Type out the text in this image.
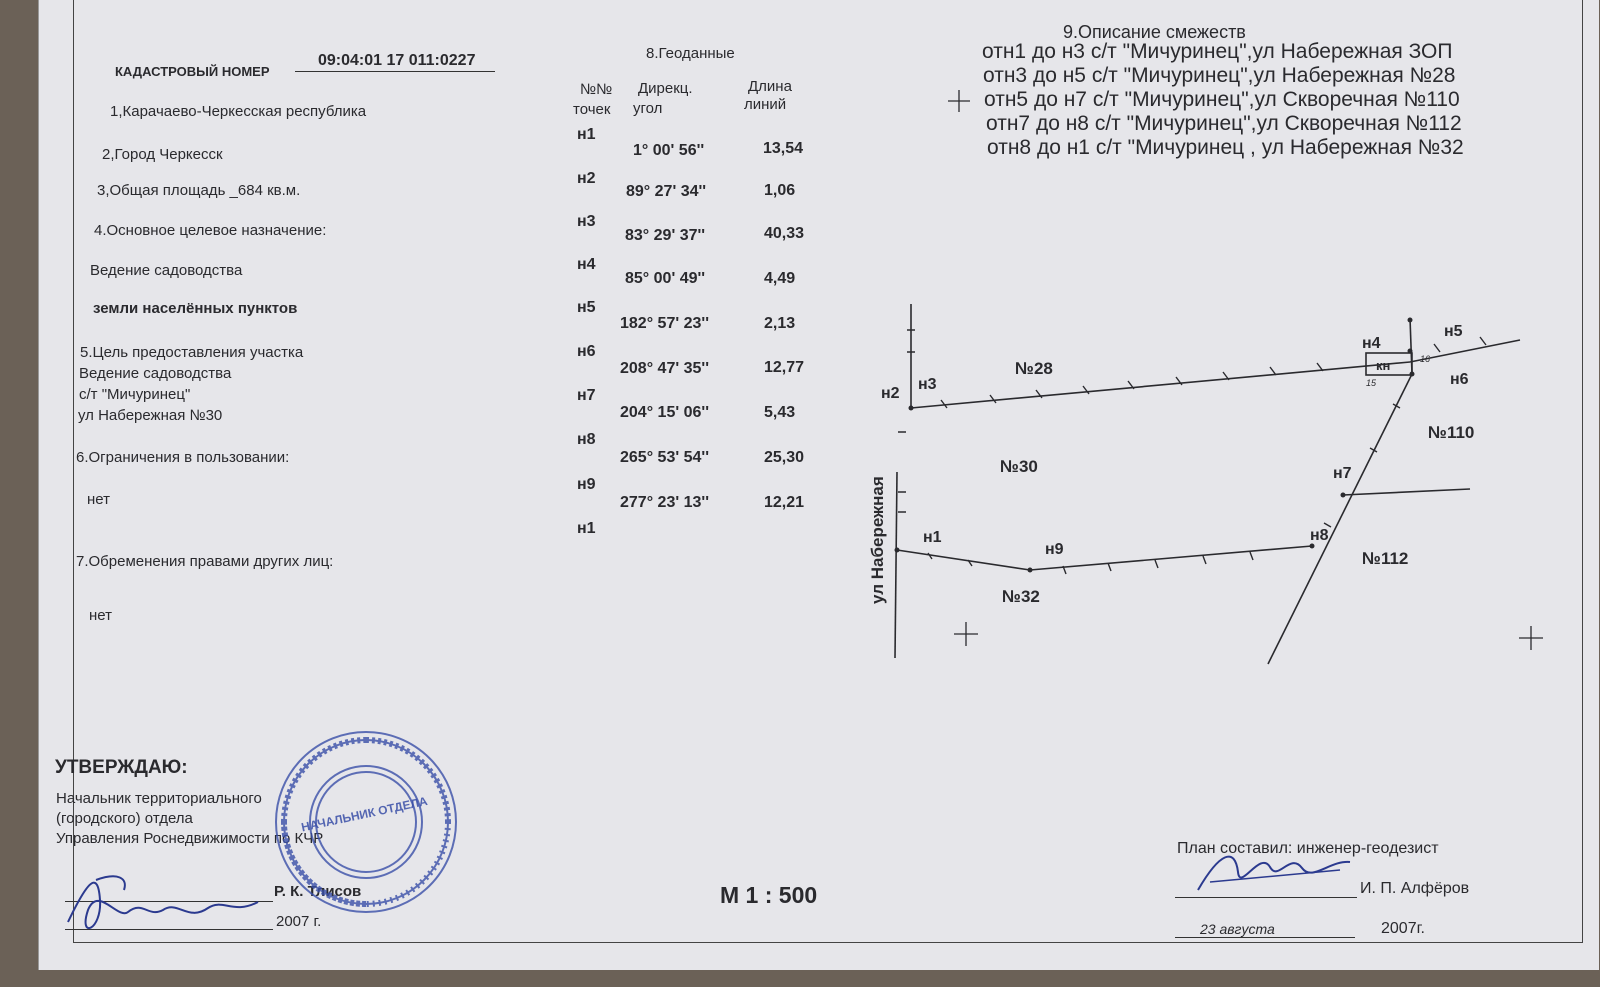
КАДАСТРОВЫЙ НОМЕР
09:04:01 17 011:0227
1,Карачаево-Черкесская республика
2,Город Черкесск
3,Общая площадь _684 кв.м.
4.Основное целевое назначение:
Ведение садоводства
земли населённых пунктов
5.Цель предоставления участка
Ведение садоводства
с/т "Мичуринец"
ул Набережная №30
6.Ограничения в пользовании:
нет
7.Обременения правами других лиц:
нет
8.Геоданные
№№
точек
Дирекц.
угол
Длина
линий
н1
н2
н3
н4
н5
н6
н7
н8
н9
н1
1° 00' 56''
89° 27' 34''
83° 29' 37''
85° 00' 49''
182° 57' 23''
208° 47' 35''
204° 15' 06''
265° 53' 54''
277° 23' 13''
13,54
1,06
40,33
4,49
2,13
12,77
5,43
25,30
12,21
9.Описание смежеств
отн1 до н3 с/т "Мичуринец",ул Набережная ЗОП
отн3 до н5 с/т "Мичуринец",ул Набережная №28
отн5 до н7 с/т "Мичуринец",ул Скворечная №110
отн7 до н8 с/т "Мичуринец",ул Скворечная №112
отн8 до н1 с/т "Мичуринец , ул Набережная №32
№28
№30
№110
№112
№32
н2
н3
н4
н5
н6
н7
н8
н9
н1
кн
15
16
ул Набережная
УТВЕРЖДАЮ:
Начальник территориального
(городского) отдела
Управления Роснедвижимости по КЧР
Р. К. Тлисов
2007 г.
НАЧАЛЬНИК ОТДЕЛА
М 1 : 500
План составил: инженер-геодезист
И. П. Алфёров
23 августа	2007г.
